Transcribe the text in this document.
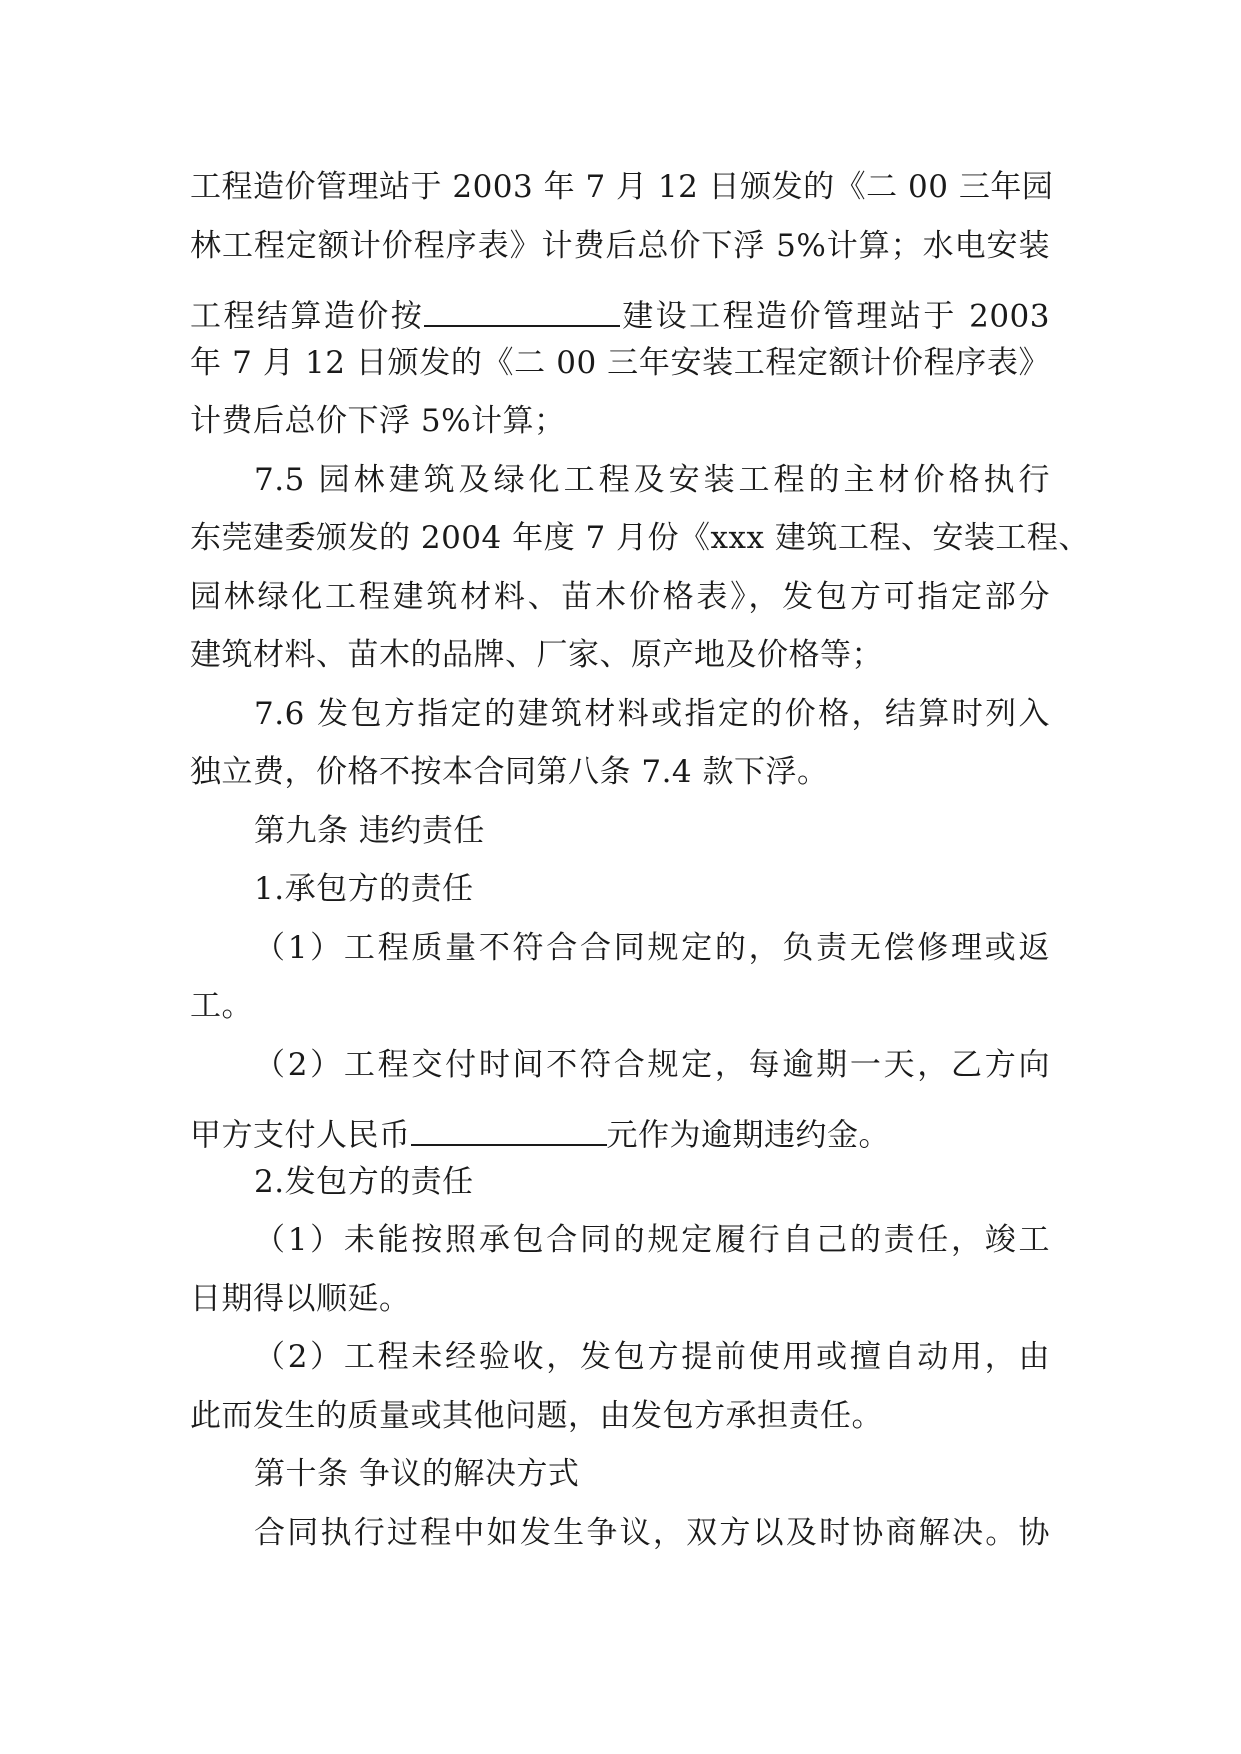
工程造价管理站于 2003 年 7 月 12 日颁发的《二 00 三年园
林工程定额计价程序表》计费后总价下浮 5%计算；水电安装
工程结算造价按	建设工程造价管理站于 2003
年 7 月 12 日颁发的《二 00 三年安装工程定额计价程序表》
计费后总价下浮 5%计算；
7.5 园林建筑及绿化工程及安装工程的主材价格执行
东莞建委颁发的 2004 年度 7 月份《xxx 建筑工程、安装工程、
园林绿化工程建筑材料、苗木价格表》，发包方可指定部分
建筑材料、苗木的品牌、厂家、原产地及价格等；
7.6 发包方指定的建筑材料或指定的价格，结算时列入
独立费，价格不按本合同第八条 7.4 款下浮。
第九条 违约责任
1.承包方的责任
（1）工程质量不符合合同规定的，负责无偿修理或返
工。
（2）工程交付时间不符合规定，每逾期一天，乙方向
甲方支付人民币	元作为逾期违约金。
2.发包方的责任
（1）未能按照承包合同的规定履行自己的责任，竣工
日期得以顺延。
（2）工程未经验收，发包方提前使用或擅自动用，由
此而发生的质量或其他问题，由发包方承担责任。
第十条 争议的解决方式
合同执行过程中如发生争议，双方以及时协商解决。协
